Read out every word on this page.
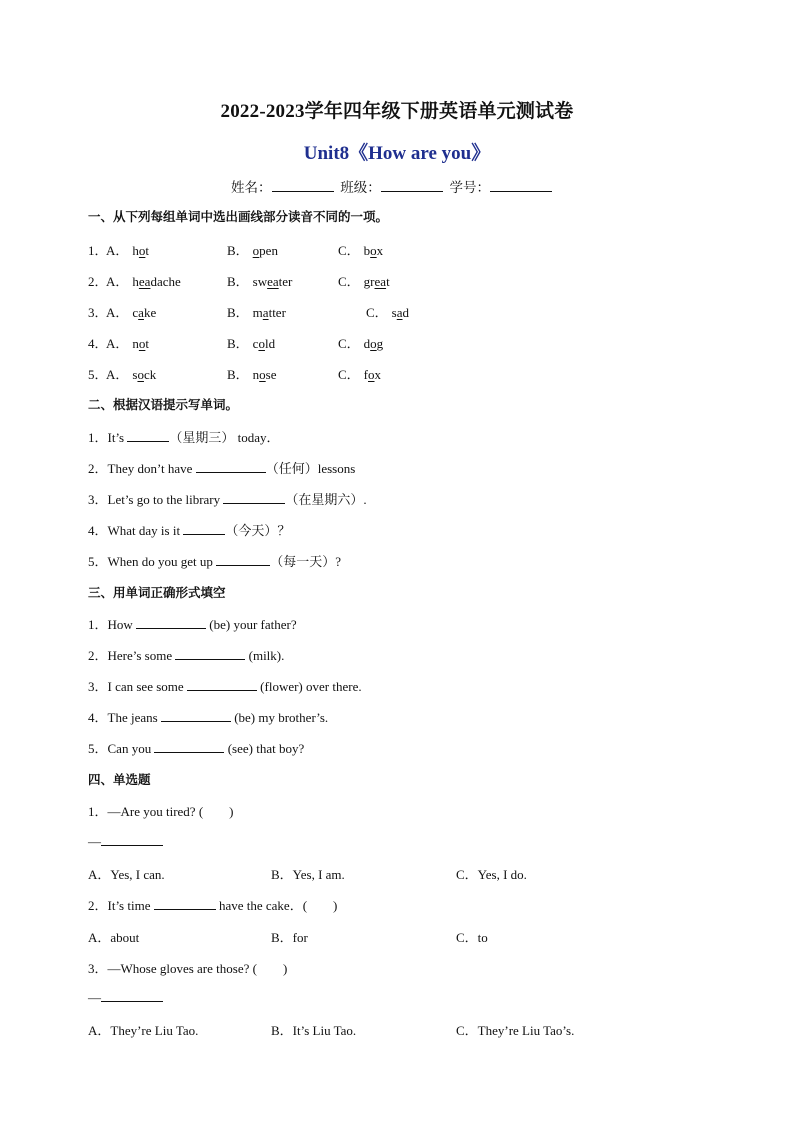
2022-2023学年四年级下册英语单元测试卷
Unit8《How are you》
姓名：	班级：	学号：
一、从下列每组单词中选出画线部分读音不同的一项。
1．
A． hot	B． open	C． box
2．
A． headache	B． sweater	C． great
3．
A． cake	B． matter	C． sad
4．
A． not	B． cold	C． dog
5．
A． sock	B． nose	C． fox
二、根据汉语提示写单词。
1．It’s	（星期三） today．
2．They don’t have	（任何）lessons
3．Let’s go to the library	（在星期六）.
4．What day is it	（今天）？
5．When do you get up	（每一天）?
三、用单词正确形式填空
1．How	(be) your father?
2．Here’s some	(milk).
3．I can see some	(flower) over there.
4．The jeans	(be) my brother’s.
5．Can you	(see) that boy?
四、单选题
1．—Are you tired? (　　)
—
A．Yes, I can.	B．Yes, I am.	C．Yes, I do.
2．It’s time	have the cake．(　　)
A．about	B．for	C．to
3．—Whose gloves are those? (　　)
—
A．They’re Liu Tao.	B．It’s Liu Tao.	C．They’re Liu Tao’s.
